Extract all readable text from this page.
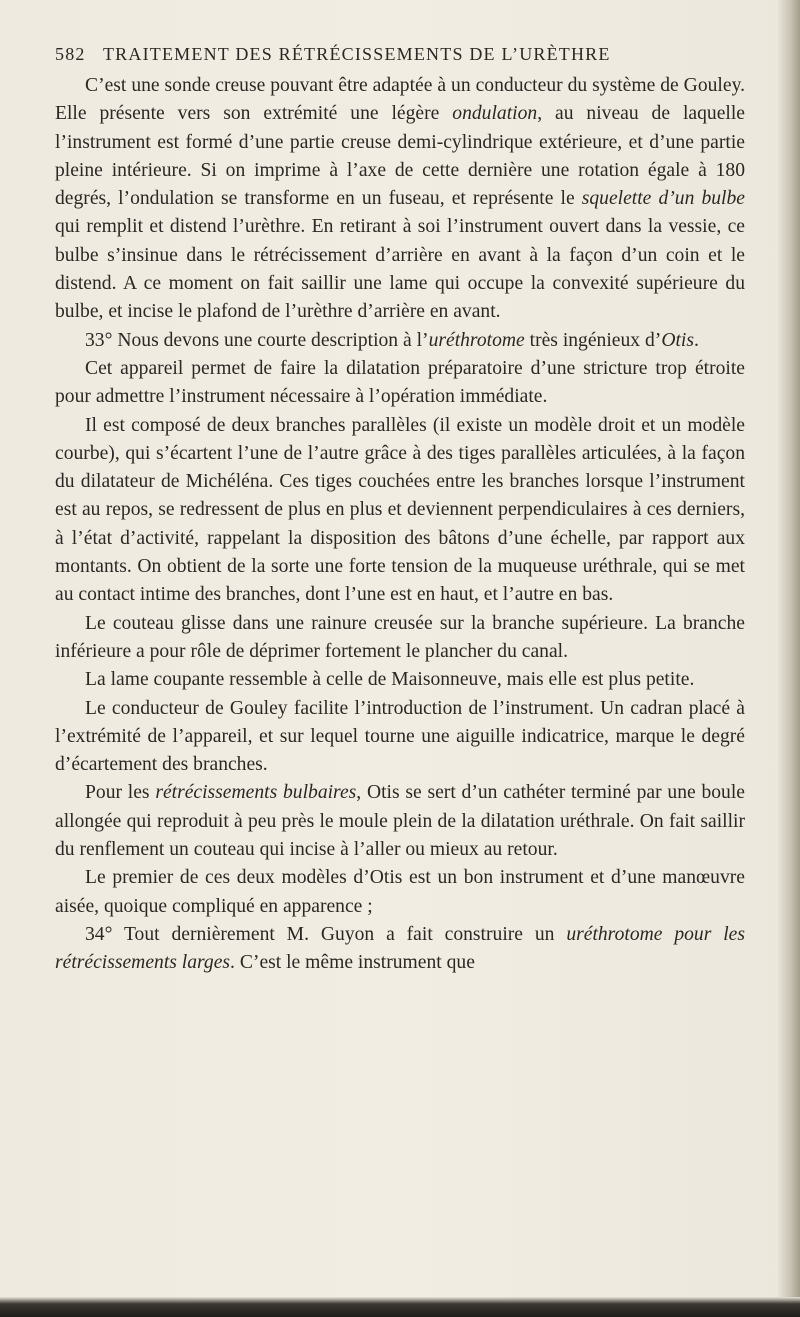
582 TRAITEMENT DES RÉTRÉCISSEMENTS DE L’URÈTHRE

C’est une sonde creuse pouvant être adaptée à un conducteur du système de Gouley. Elle présente vers son extrémité une légère ondulation, au niveau de laquelle l’instrument est formé d’une partie creuse demi-cylindrique extérieure, et d’une partie pleine intérieure. Si on imprime à l’axe de cette dernière une rotation égale à 180 degrés, l’ondulation se transforme en un fuseau, et représente le squelette d’un bulbe qui remplit et distend l’urèthre. En retirant à soi l’instrument ouvert dans la vessie, ce bulbe s’insinue dans le rétrécissement d’arrière en avant à la façon d’un coin et le distend. A ce moment on fait saillir une lame qui occupe la convexité supérieure du bulbe, et incise le plafond de l’urèthre d’arrière en avant.

33° Nous devons une courte description à l’uréthrotome très ingénieux d’Otis.

Cet appareil permet de faire la dilatation préparatoire d’une stricture trop étroite pour admettre l’instrument nécessaire à l’opération immédiate.

Il est composé de deux branches parallèles (il existe un modèle droit et un modèle courbe), qui s’écartent l’une de l’autre grâce à des tiges parallèles articulées, à la façon du dilatateur de Michéléna. Ces tiges couchées entre les branches lorsque l’instrument est au repos, se redressent de plus en plus et deviennent perpendiculaires à ces derniers, à l’état d’activité, rappelant la disposition des bâtons d’une échelle, par rapport aux montants. On obtient de la sorte une forte tension de la muqueuse uréthrale, qui se met au contact intime des branches, dont l’une est en haut, et l’autre en bas.

Le couteau glisse dans une rainure creusée sur la branche supérieure. La branche inférieure a pour rôle de déprimer fortement le plancher du canal.

La lame coupante ressemble à celle de Maisonneuve, mais elle est plus petite.

Le conducteur de Gouley facilite l’introduction de l’instrument. Un cadran placé à l’extrémité de l’appareil, et sur lequel tourne une aiguille indicatrice, marque le degré d’écartement des branches.

Pour les rétrécissements bulbaires, Otis se sert d’un cathéter terminé par une boule allongée qui reproduit à peu près le moule plein de la dilatation uréthrale. On fait saillir du renflement un couteau qui incise à l’aller ou mieux au retour.

Le premier de ces deux modèles d’Otis est un bon instrument et d’une manœuvre aisée, quoique compliqué en apparence ;

34° Tout dernièrement M. Guyon a fait construire un uréthrotome pour les rétrécissements larges. C’est le même instrument que
